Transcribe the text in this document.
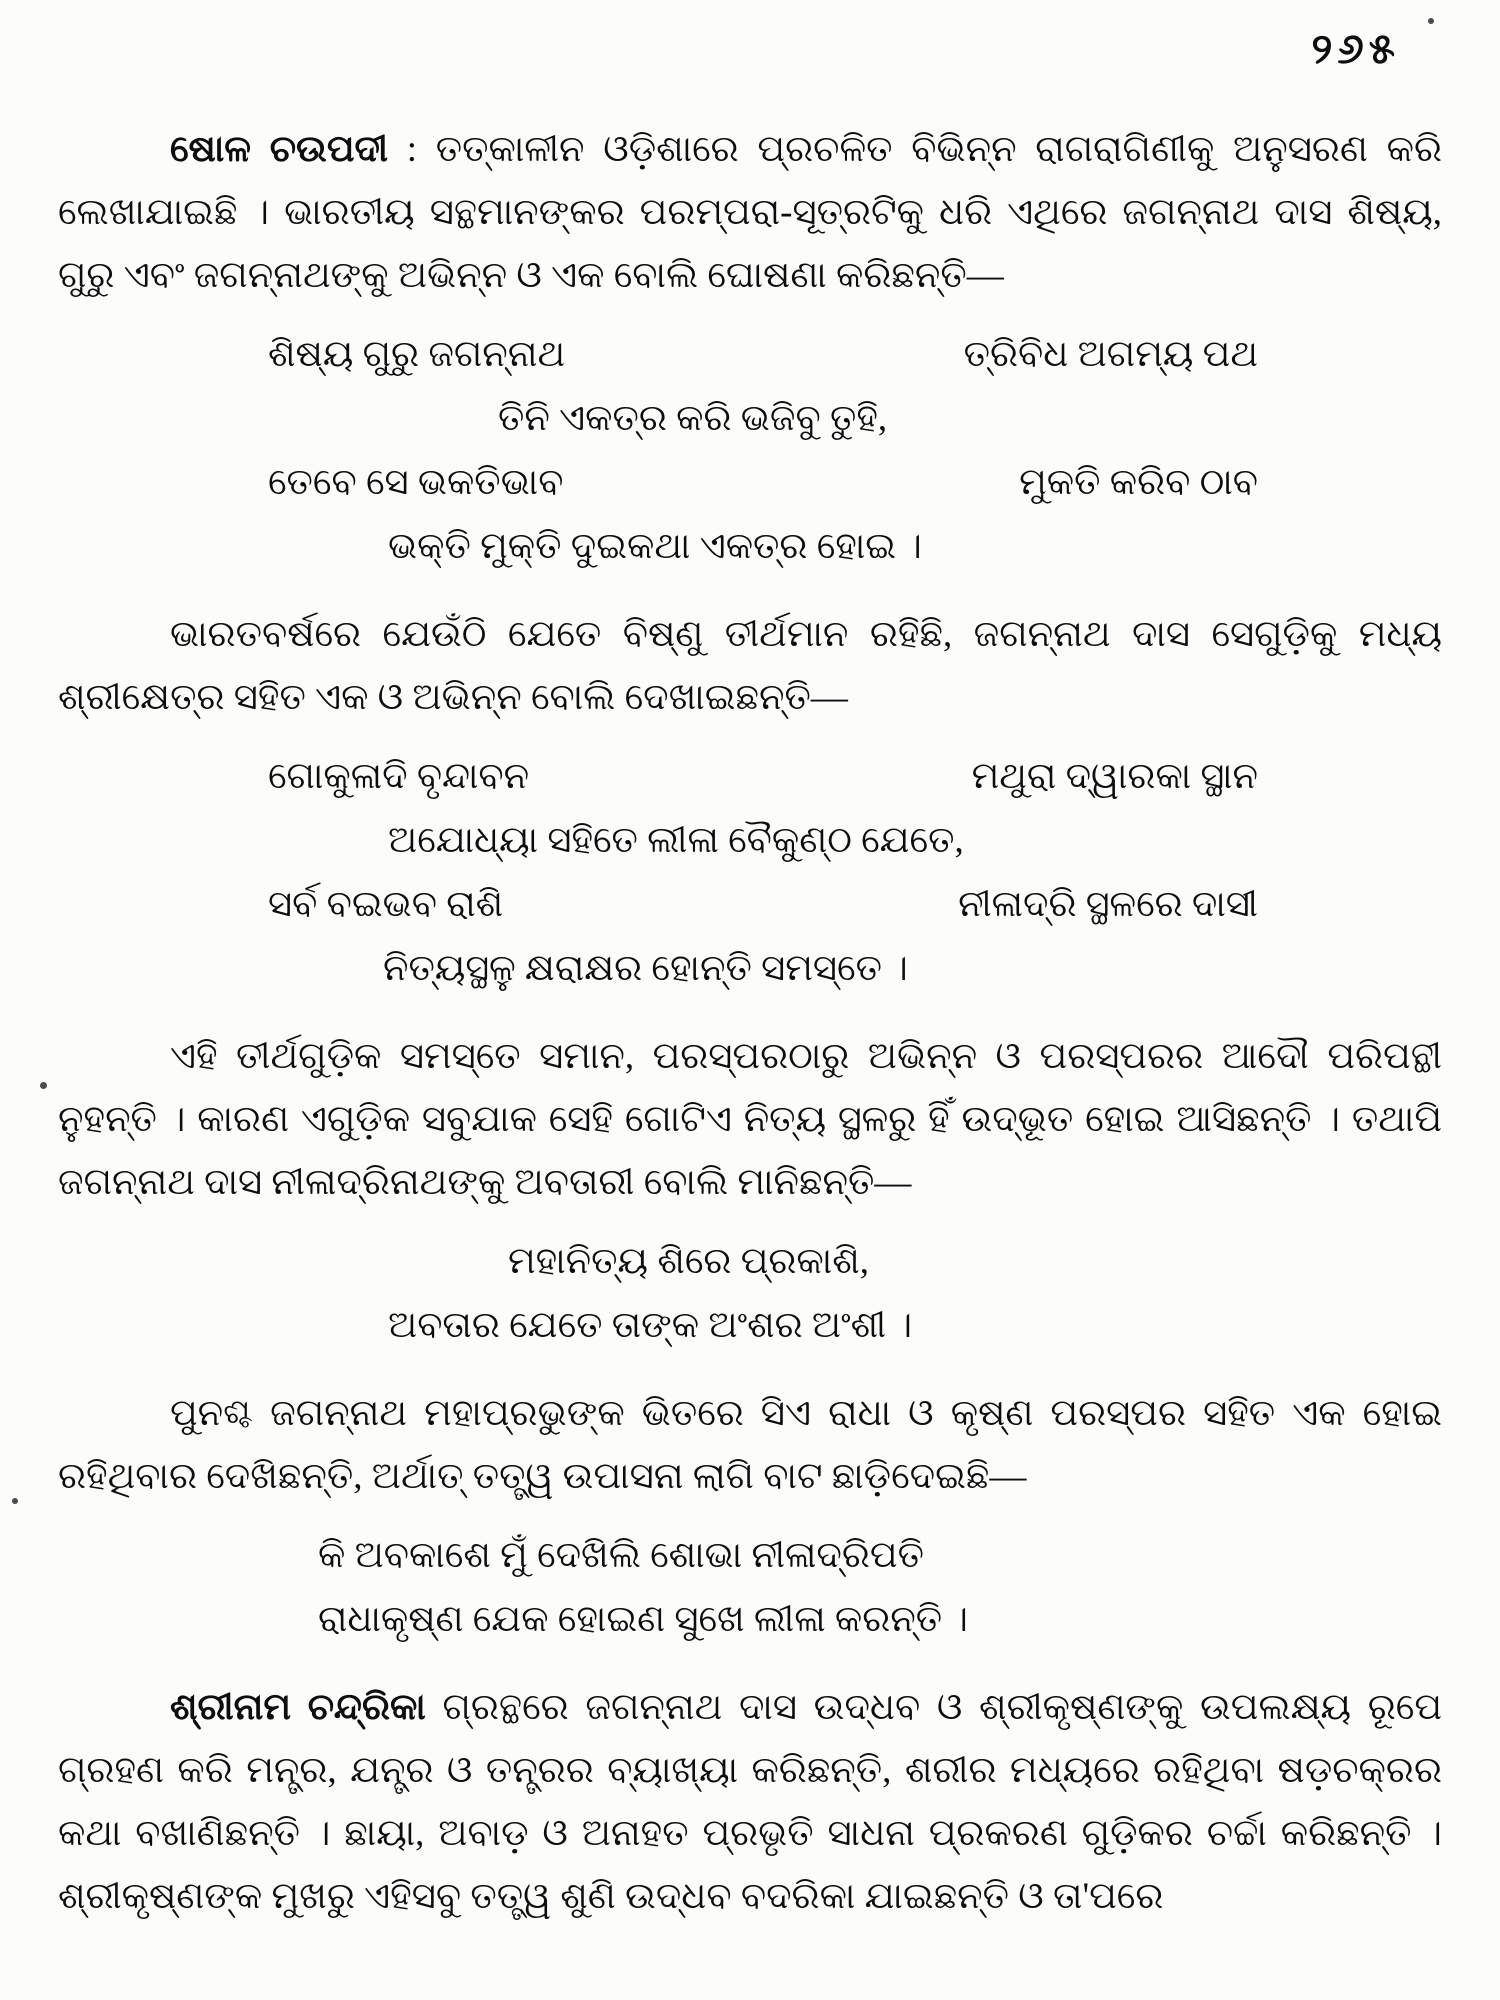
୨୬୫

ଷୋଳ ଚଉପଦୀ : ତତ୍କାଳୀନ ଓଡ଼ିଶାରେ ପ୍ରଚଳିତ ବିଭିନ୍ନ ରାଗରାଗିଣୀକୁ ଅନୁସରଣ କରି ଲେଖାଯାଇଛି । ଭାରତୀୟ ସନ୍ଥମାନଙ୍କର ପରମ୍ପରା-ସୂତ୍ରଟିକୁ ଧରି ଏଥିରେ ଜଗନ୍ନାଥ ଦାସ ଶିଷ୍ୟ, ଗୁରୁ ଏବଂ ଜଗନ୍ନାଥଙ୍କୁ ଅଭିନ୍ନ ଓ ଏକ ବୋଲି ଘୋଷଣା କରିଛନ୍ତି—

ଶିଷ୍ୟ ଗୁରୁ ଜଗନ୍ନାଥ	ତ୍ରିବିଧ ଅଗମ୍ୟ ପଥ
ତିନି ଏକତ୍ର କରି ଭଜିବୁ ତୁହି,
ତେବେ ସେ ଭକତିଭାବ	ମୁକତି କରିବ ଠାବ
ଭକ୍ତି ମୁକ୍ତି ଦୁଇକଥା ଏକତ୍ର ହୋଇ ।

ଭାରତବର୍ଷରେ ଯେଉଁଠି ଯେତେ ବିଷ୍ଣୁ ତୀର୍ଥମାନ ରହିଛି, ଜଗନ୍ନାଥ ଦାସ ସେଗୁଡ଼ିକୁ ମଧ୍ୟ ଶ୍ରୀକ୍ଷେତ୍ର ସହିତ ଏକ ଓ ଅଭିନ୍ନ ବୋଲି ଦେଖାଇଛନ୍ତି—

ଗୋକୁଳାଦି ବୃନ୍ଦାବନ	ମଥୁରା ଦ୍ୱାରକା ସ୍ଥାନ
ଅଯୋଧ୍ୟା ସହିତେ ଲୀଳା ବୈକୁଣ୍ଠ ଯେତେ,
ସର୍ବ ବଇଭବ ରାଶି	ନୀଳାଦ୍ରି ସ୍ଥଳରେ ଦାସୀ
ନିତ୍ୟସ୍ଥଳୁ କ୍ଷରାକ୍ଷର ହୋନ୍ତି ସମସ୍ତେ ।

ଏହି ତୀର୍ଥଗୁଡ଼ିକ ସମସ୍ତେ ସମାନ, ପରସ୍ପରଠାରୁ ଅଭିନ୍ନ ଓ ପରସ୍ପରର ଆଦୌ ପରିପନ୍ଥୀ ନୁହନ୍ତି । କାରଣ ଏଗୁଡ଼ିକ ସବୁଯାକ ସେହି ଗୋଟିଏ ନିତ୍ୟ ସ୍ଥଳରୁ ହିଁ ଉଦ୍ଭୂତ ହୋଇ ଆସିଛନ୍ତି । ତଥାପି ଜଗନ୍ନାଥ ଦାସ ନୀଳାଦ୍ରିନାଥଙ୍କୁ ଅବତାରୀ ବୋଲି ମାନିଛନ୍ତି—

ମହାନିତ୍ୟ ଶିରେ ପ୍ରକାଶି,
ଅବତାର ଯେତେ ତାଙ୍କ ଅଂଶର ଅଂଶୀ ।

ପୁନଶ୍ଚ ଜଗନ୍ନାଥ ମହାପ୍ରଭୁଙ୍କ ଭିତରେ ସିଏ ରାଧା ଓ କୃଷ୍ଣ ପରସ୍ପର ସହିତ ଏକ ହୋଇ ରହିଥିବାର ଦେଖିଛନ୍ତି, ଅର୍ଥାତ୍ ତତ୍ତ୍ୱ ଉପାସନା ଲାଗି ବାଟ ଛାଡ଼ିଦେଇଛି—

କି ଅବକାଶେ ମୁଁ ଦେଖିଲି ଶୋଭା ନୀଳାଦ୍ରିପତି
ରାଧାକୃଷ୍ଣ ଯେକ ହୋଇଣ ସୁଖେ ଲୀଳା କରନ୍ତି ।

ଶ୍ରୀନାମ ଚନ୍ଦ୍ରିକା ଗ୍ରନ୍ଥରେ ଜଗନ୍ନାଥ ଦାସ ଉଦ୍ଧବ ଓ ଶ୍ରୀକୃଷ୍ଣଙ୍କୁ ଉପଲକ୍ଷ୍ୟ ରୂପେ ଗ୍ରହଣ କରି ମନ୍ତ୍ର, ଯନ୍ତ୍ର ଓ ତନ୍ତ୍ରର ବ୍ୟାଖ୍ୟା କରିଛନ୍ତି, ଶରୀର ମଧ୍ୟରେ ରହିଥିବା ଷଡ଼ଚକ୍ରର କଥା ବଖାଣିଛନ୍ତି । ଛାୟା, ଅବାଡ଼ ଓ ଅନାହତ ପ୍ରଭୃତି ସାଧନା ପ୍ରକରଣ ଗୁଡ଼ିକର ଚର୍ଚ୍ଚା କରିଛନ୍ତି । ଶ୍ରୀକୃଷ୍ଣଙ୍କ ମୁଖରୁ ଏହିସବୁ ତତ୍ତ୍ୱ ଶୁଣି ଉଦ୍ଧବ ବଦରିକା ଯାଇଛନ୍ତି ଓ ତା'ପରେ
